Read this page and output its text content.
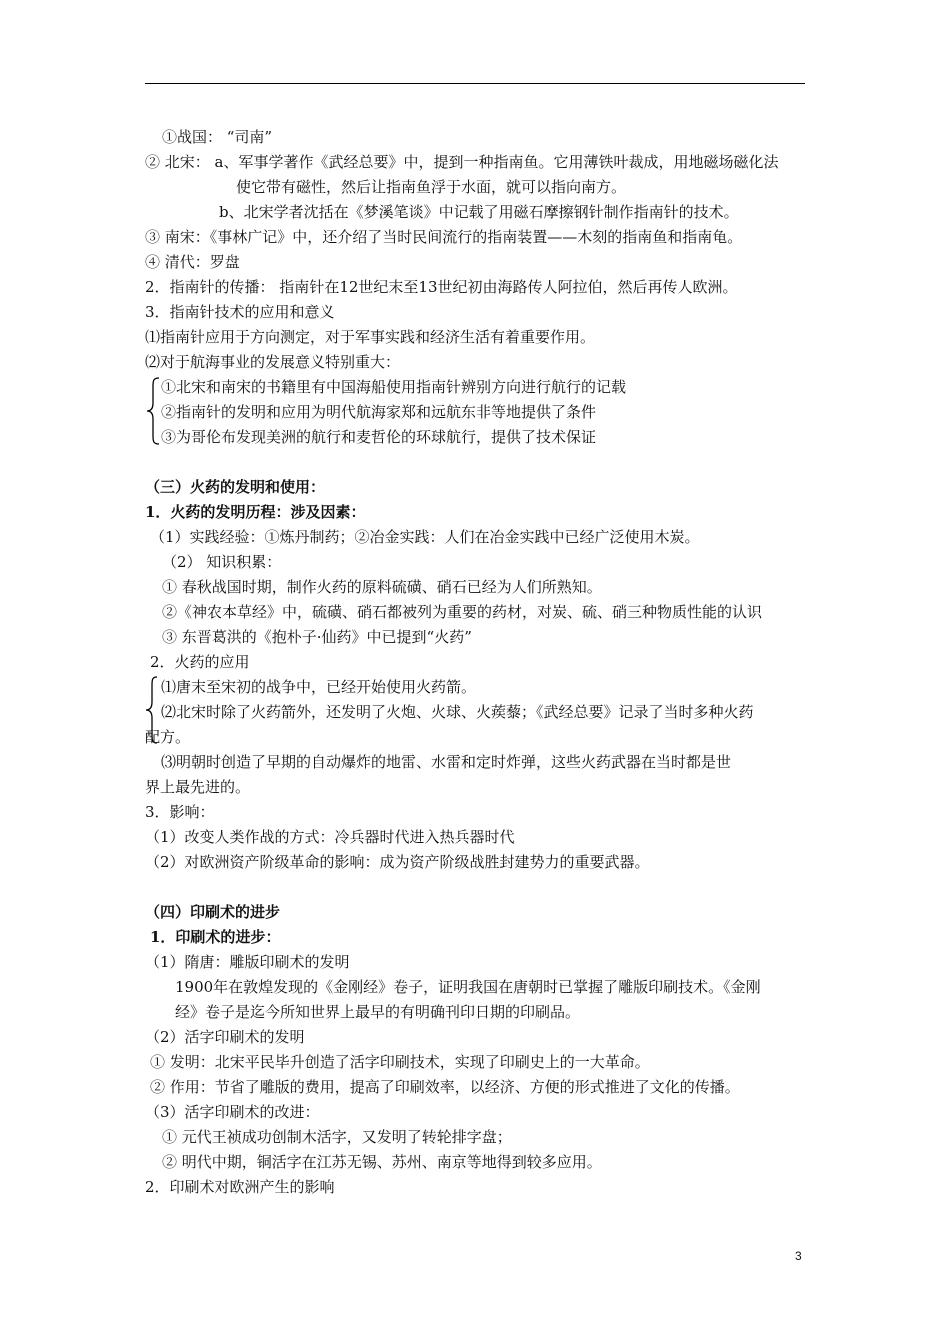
①战国： “司南”
② 北宋： a、军事学著作《武经总要》中，提到一种指南鱼。它用薄铁叶裁成，用地磁场磁化法
使它带有磁性，然后让指南鱼浮于水面，就可以指向南方。
b、北宋学者沈括在《梦溪笔谈》中记载了用磁石摩擦钢针制作指南针的技术。
③ 南宋：《事林广记》中，还介绍了当时民间流行的指南装置——木刻的指南鱼和指南龟。
④ 清代：罗盘
2．指南针的传播： 指南针在12世纪末至13世纪初由海路传人阿拉伯，然后再传人欧洲。
3．指南针技术的应用和意义
⑴指南针应用于方向测定，对于军事实践和经济生活有着重要作用。
⑵对于航海事业的发展意义特别重大：
①北宋和南宋的书籍里有中国海船使用指南针辨别方向进行航行的记载
②指南针的发明和应用为明代航海家郑和远航东非等地提供了条件
③为哥伦布发现美洲的航行和麦哲伦的环球航行，提供了技术保证
（三）火药的发明和使用：
1．火药的发明历程：涉及因素：
（1）实践经验：①炼丹制药；②冶金实践：人们在冶金实践中已经广泛使用木炭。
（2） 知识积累：
① 春秋战国时期，制作火药的原料硫磺、硝石已经为人们所熟知。
②《神农本草经》中，硫磺、硝石都被列为重要的药材，对炭、硫、硝三种物质性能的认识
③ 东晋葛洪的《抱朴子·仙药》中已提到“火药”
2．火药的应用
⑴唐末至宋初的战争中，已经开始使用火药箭。
⑵北宋时除了火药箭外，还发明了火炮、火球、火蒺藜；《武经总要》记录了当时多种火药
配方。
⑶明朝时创造了早期的自动爆炸的地雷、水雷和定时炸弹，这些火药武器在当时都是世
界上最先进的。
3．影响：
（1）改变人类作战的方式：冷兵器时代进入热兵器时代
（2）对欧洲资产阶级革命的影响：成为资产阶级战胜封建势力的重要武器。
（四）印刷术的进步
1．印刷术的进步：
（1）隋唐：雕版印刷术的发明
1900年在敦煌发现的《金刚经》卷子，证明我国在唐朝时已掌握了雕版印刷技术。《金刚
经》卷子是迄今所知世界上最早的有明确刊印日期的印刷品。
（2）活字印刷术的发明
① 发明：北宋平民毕升创造了活字印刷技术，实现了印刷史上的一大革命。
② 作用：节省了雕版的费用，提高了印刷效率，以经济、方便的形式推进了文化的传播。
（3）活字印刷术的改进：
① 元代王祯成功创制木活字，又发明了转轮排字盘；
② 明代中期，铜活字在江苏无锡、苏州、南京等地得到较多应用。
2．印刷术对欧洲产生的影响
3
